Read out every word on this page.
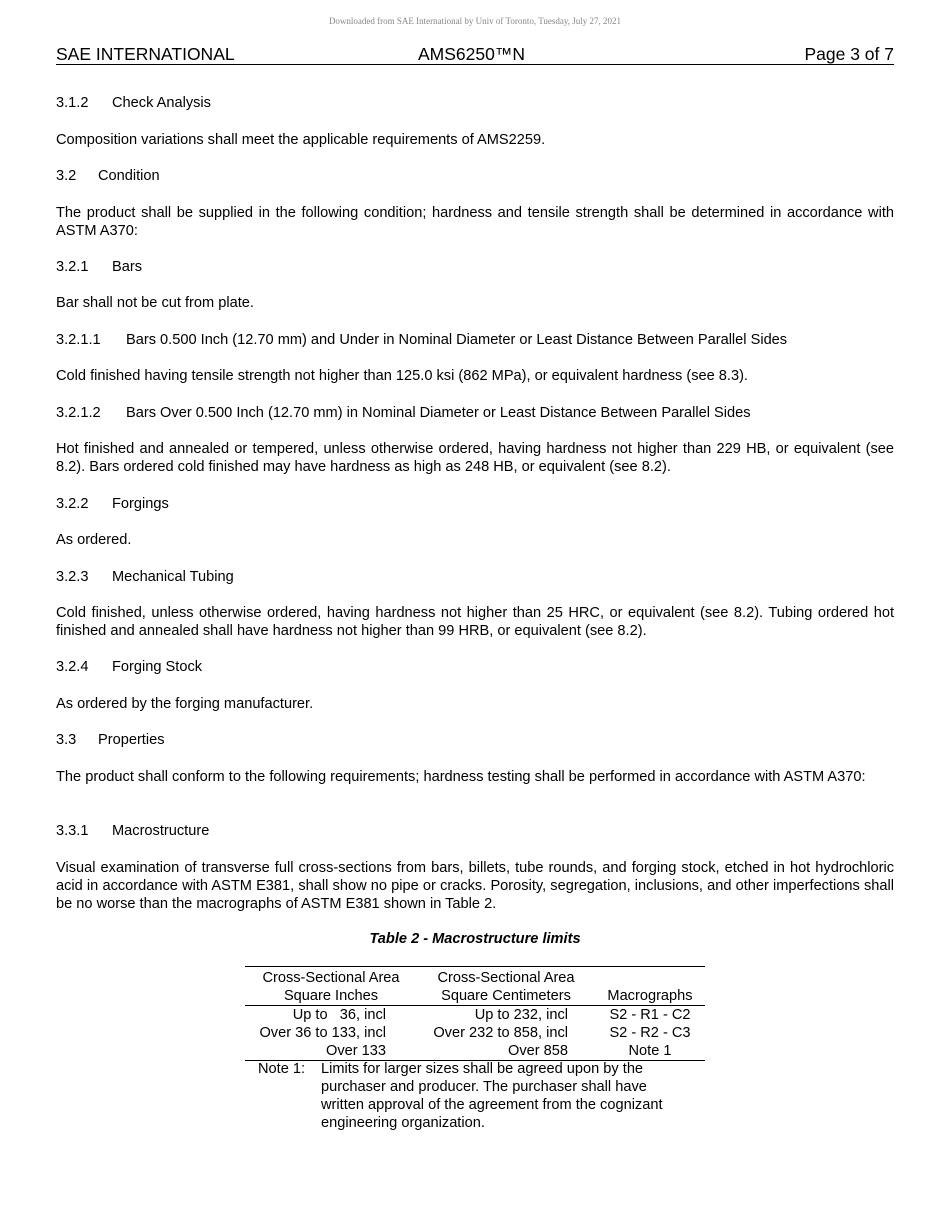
Downloaded from SAE International by Univ of Toronto, Tuesday, July 27, 2021
SAE INTERNATIONAL	AMS6250™N	Page 3 of 7
3.1.2 Check Analysis
Composition variations shall meet the applicable requirements of AMS2259.
3.2 Condition
The product shall be supplied in the following condition; hardness and tensile strength shall be determined in accordance with ASTM A370:
3.2.1 Bars
Bar shall not be cut from plate.
3.2.1.1 Bars 0.500 Inch (12.70 mm) and Under in Nominal Diameter or Least Distance Between Parallel Sides
Cold finished having tensile strength not higher than 125.0 ksi (862 MPa), or equivalent hardness (see 8.3).
3.2.1.2 Bars Over 0.500 Inch (12.70 mm) in Nominal Diameter or Least Distance Between Parallel Sides
Hot finished and annealed or tempered, unless otherwise ordered, having hardness not higher than 229 HB, or equivalent (see 8.2). Bars ordered cold finished may have hardness as high as 248 HB, or equivalent (see 8.2).
3.2.2 Forgings
As ordered.
3.2.3 Mechanical Tubing
Cold finished, unless otherwise ordered, having hardness not higher than 25 HRC, or equivalent (see 8.2). Tubing ordered hot finished and annealed shall have hardness not higher than 99 HRB, or equivalent (see 8.2).
3.2.4 Forging Stock
As ordered by the forging manufacturer.
3.3 Properties
The product shall conform to the following requirements; hardness testing shall be performed in accordance with ASTM A370:
3.3.1 Macrostructure
Visual examination of transverse full cross-sections from bars, billets, tube rounds, and forging stock, etched in hot hydrochloric acid in accordance with ASTM E381, shall show no pipe or cracks. Porosity, segregation, inclusions, and other imperfections shall be no worse than the macrographs of ASTM E381 shown in Table 2.
Table 2 - Macrostructure limits
Cross-Sectional Area	Cross-Sectional Area	
Square Inches	Square Centimeters	Macrographs
Up to   36, incl	Up to 232, incl	S2 - R1 - C2
Over 36 to 133, incl	Over 232 to 858, incl	S2 - R2 - C3
Over 133	Over 858	Note 1
Note 1: Limits for larger sizes shall be agreed upon by the purchaser and producer. The purchaser shall have written approval of the agreement from the cognizant engineering organization.
